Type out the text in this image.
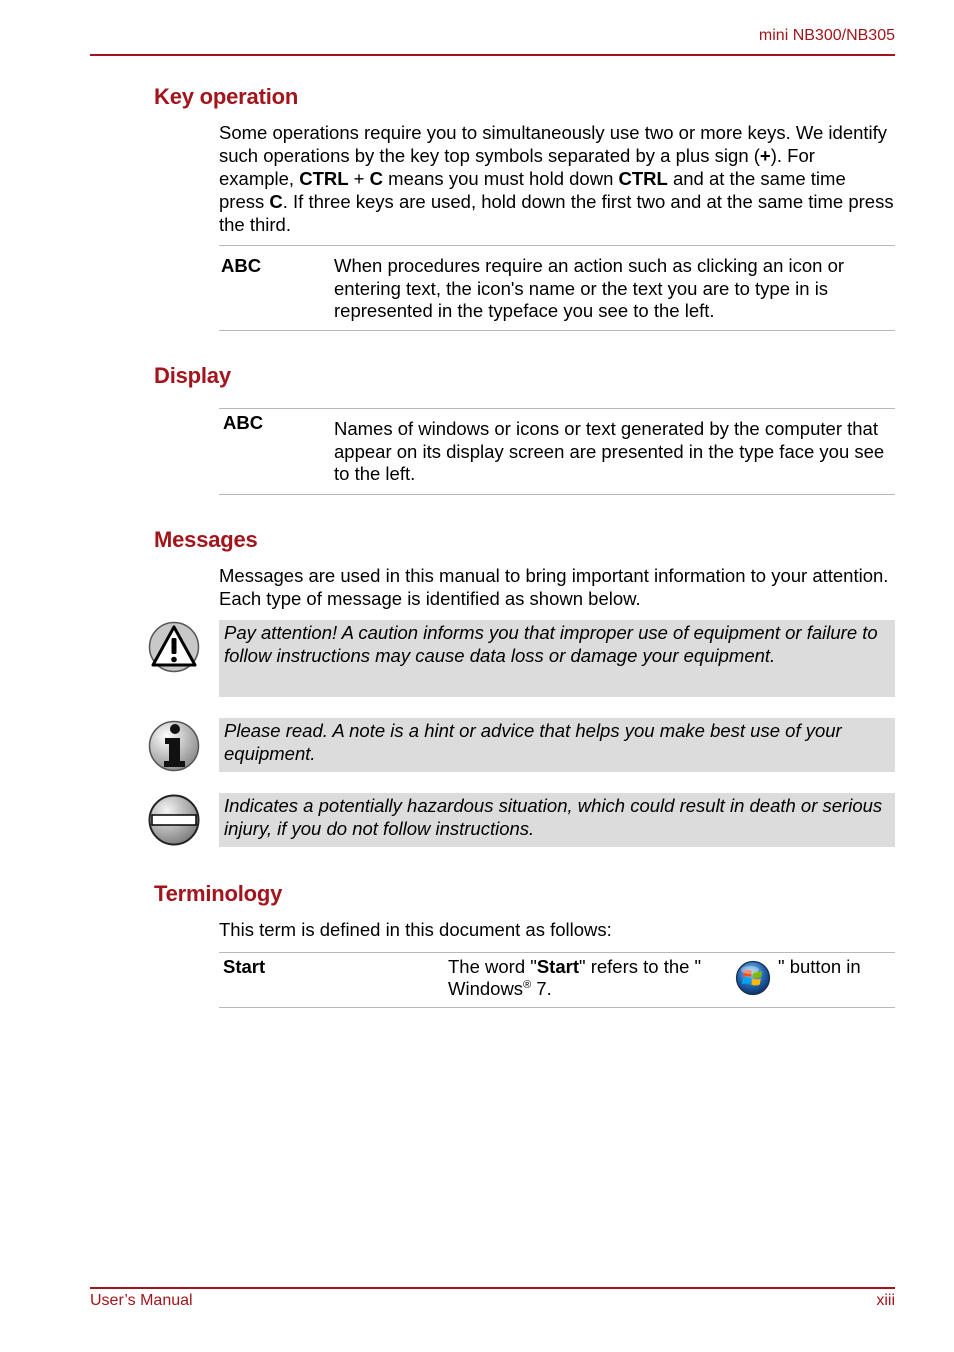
mini NB300/NB305
Key operation
Some operations require you to simultaneously use two or more keys. We identify such operations by the key top symbols separated by a plus sign (+). For example, CTRL + C means you must hold down CTRL and at the same time press C. If three keys are used, hold down the first two and at the same time press the third.
ABC	When procedures require an action such as clicking an icon or entering text, the icon's name or the text you are to type in is represented in the typeface you see to the left.
Display
ABC	Names of windows or icons or text generated by the computer that appear on its display screen are presented in the type face you see to the left.
Messages
Messages are used in this manual to bring important information to your attention. Each type of message is identified as shown below.
Pay attention! A caution informs you that improper use of equipment or failure to follow instructions may cause data loss or damage your equipment.
Please read. A note is a hint or advice that helps you make best use of your equipment.
Indicates a potentially hazardous situation, which could result in death or serious injury, if you do not follow instructions.
Terminology
This term is defined in this document as follows:
Start	The word "Start" refers to the "	" button in
Windows® 7.
User’s Manual	xiii
